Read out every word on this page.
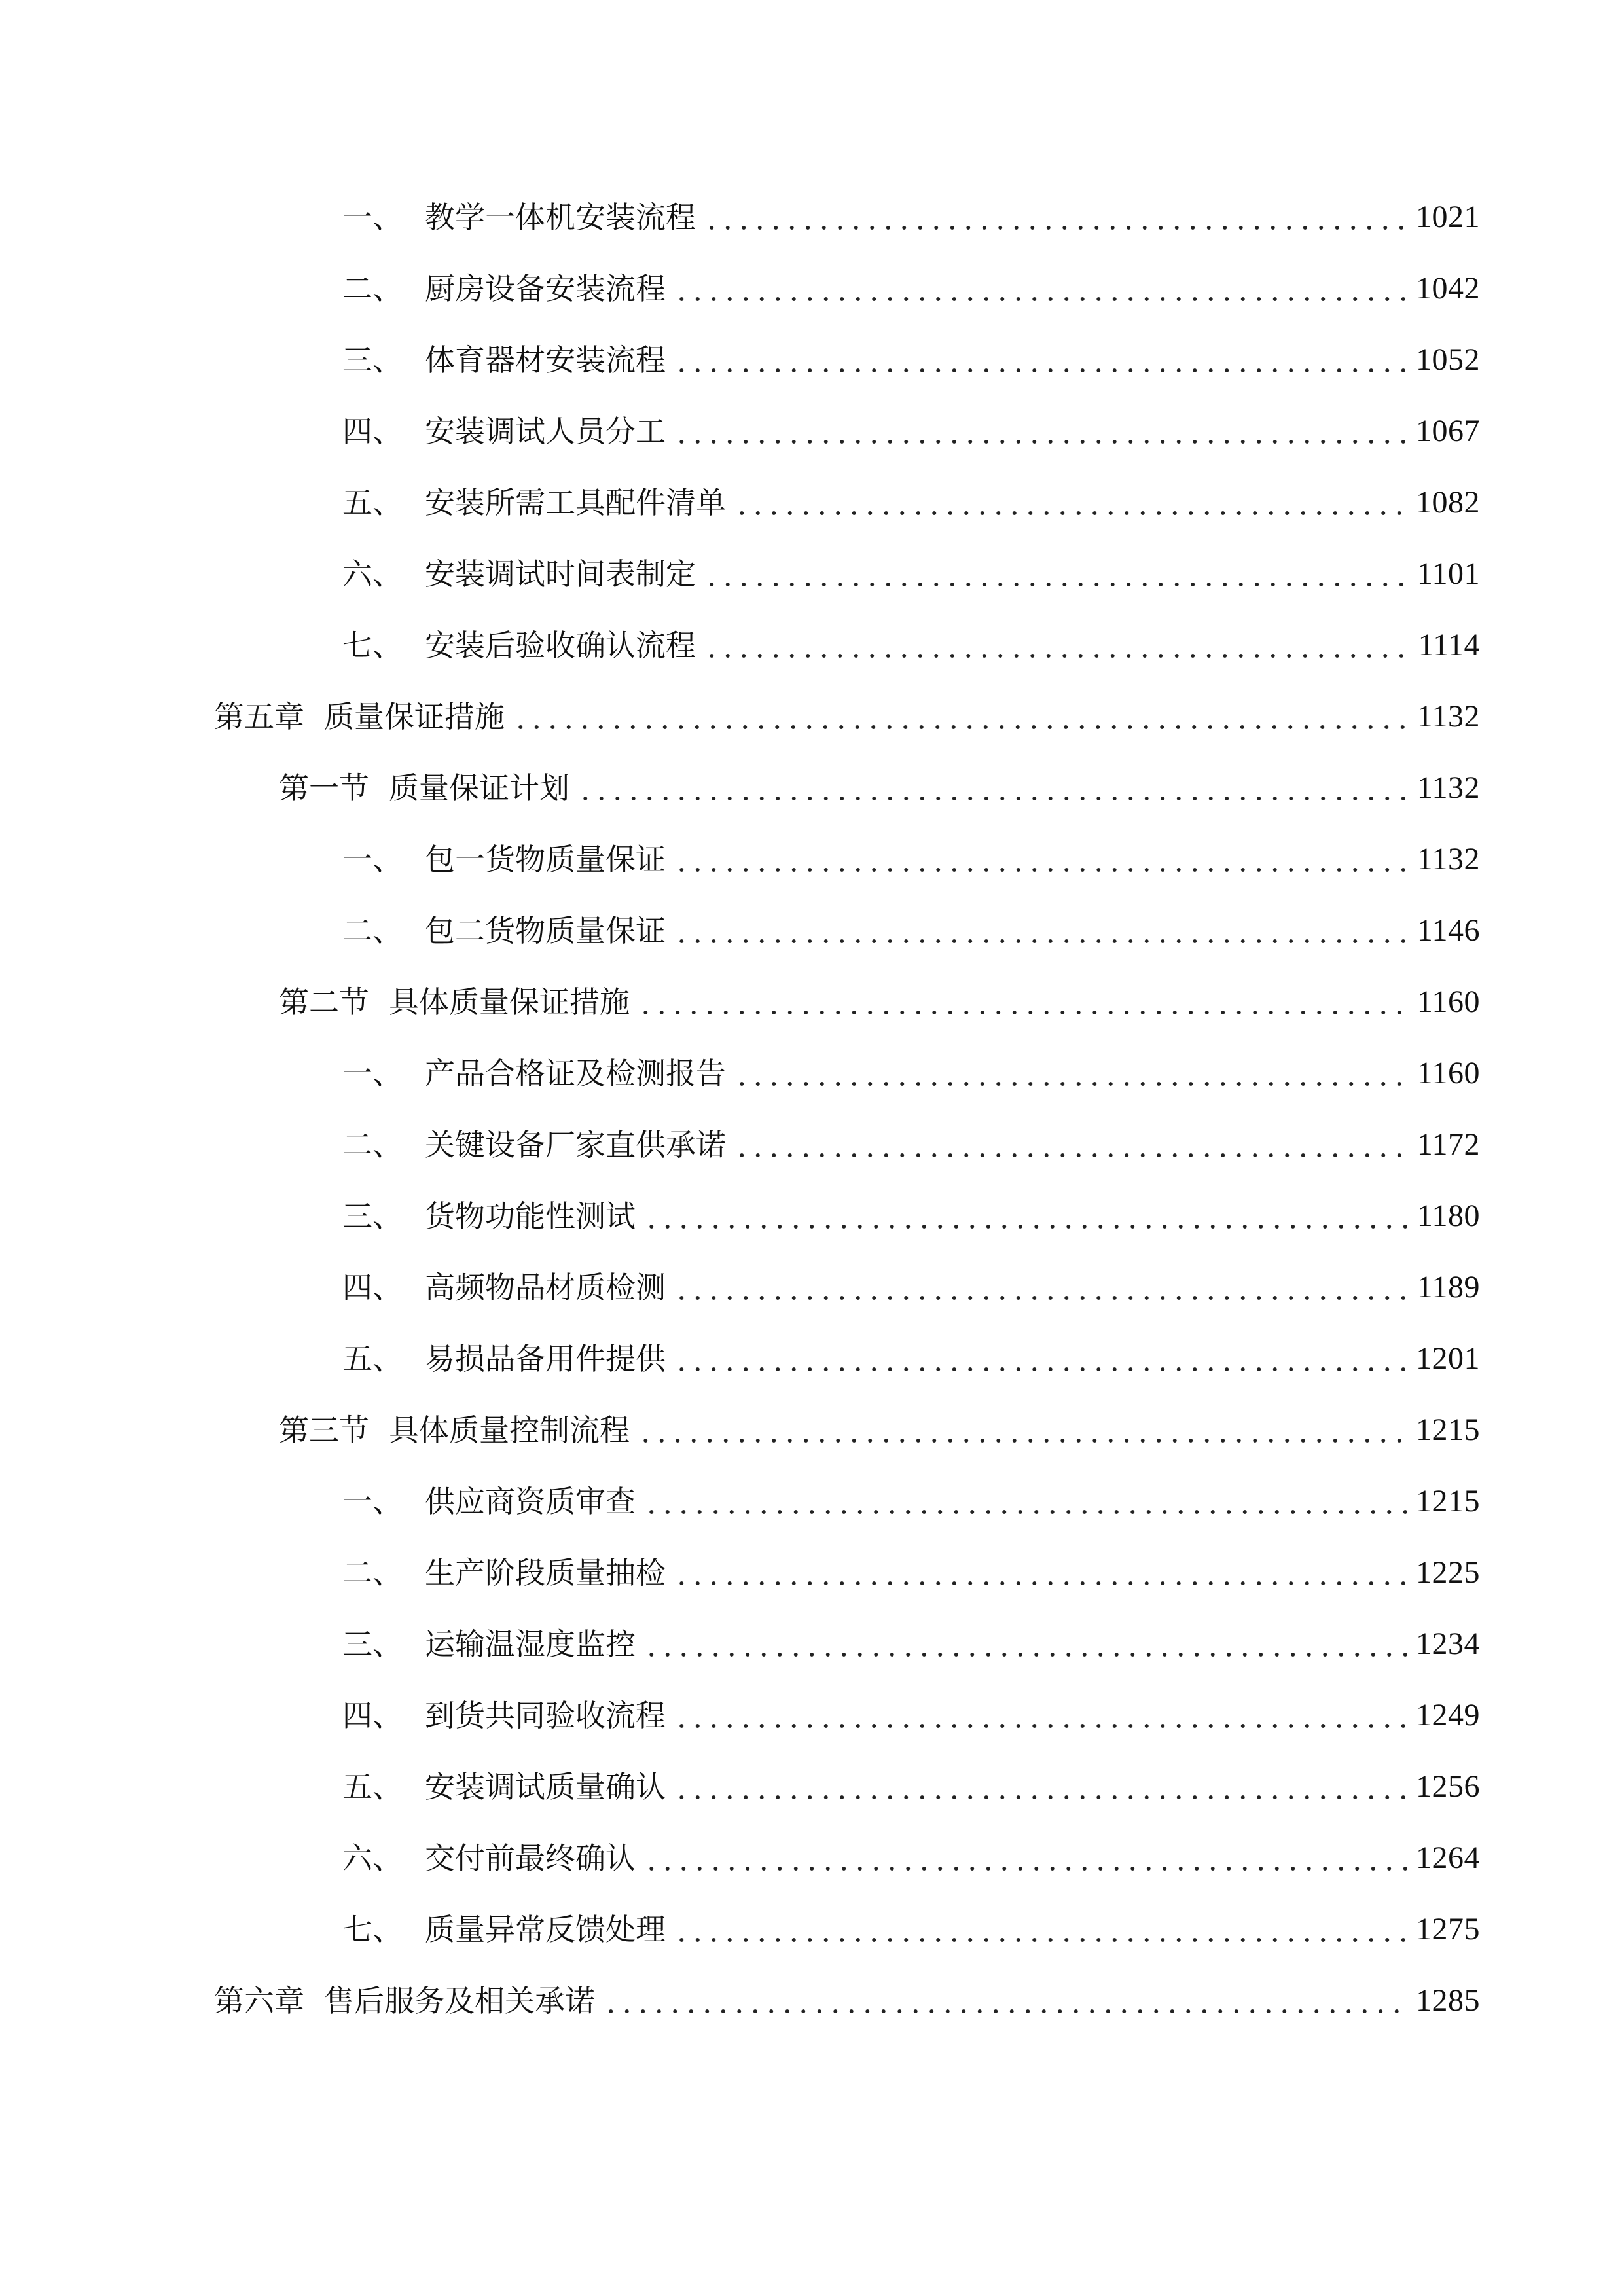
一、 教学一体机安装流程	1021
二、 厨房设备安装流程	1042
三、 体育器材安装流程	1052
四、 安装调试人员分工	1067
五、 安装所需工具配件清单	1082
六、 安装调试时间表制定	1101
七、 安装后验收确认流程	1114
第五章 质量保证措施	1132
第一节 质量保证计划	1132
一、 包一货物质量保证	1132
二、 包二货物质量保证	1146
第二节 具体质量保证措施	1160
一、 产品合格证及检测报告	1160
二、 关键设备厂家直供承诺	1172
三、 货物功能性测试	1180
四、 高频物品材质检测	1189
五、 易损品备用件提供	1201
第三节 具体质量控制流程	1215
一、 供应商资质审查	1215
二、 生产阶段质量抽检	1225
三、 运输温湿度监控	1234
四、 到货共同验收流程	1249
五、 安装调试质量确认	1256
六、 交付前最终确认	1264
七、 质量异常反馈处理	1275
第六章 售后服务及相关承诺	1285
